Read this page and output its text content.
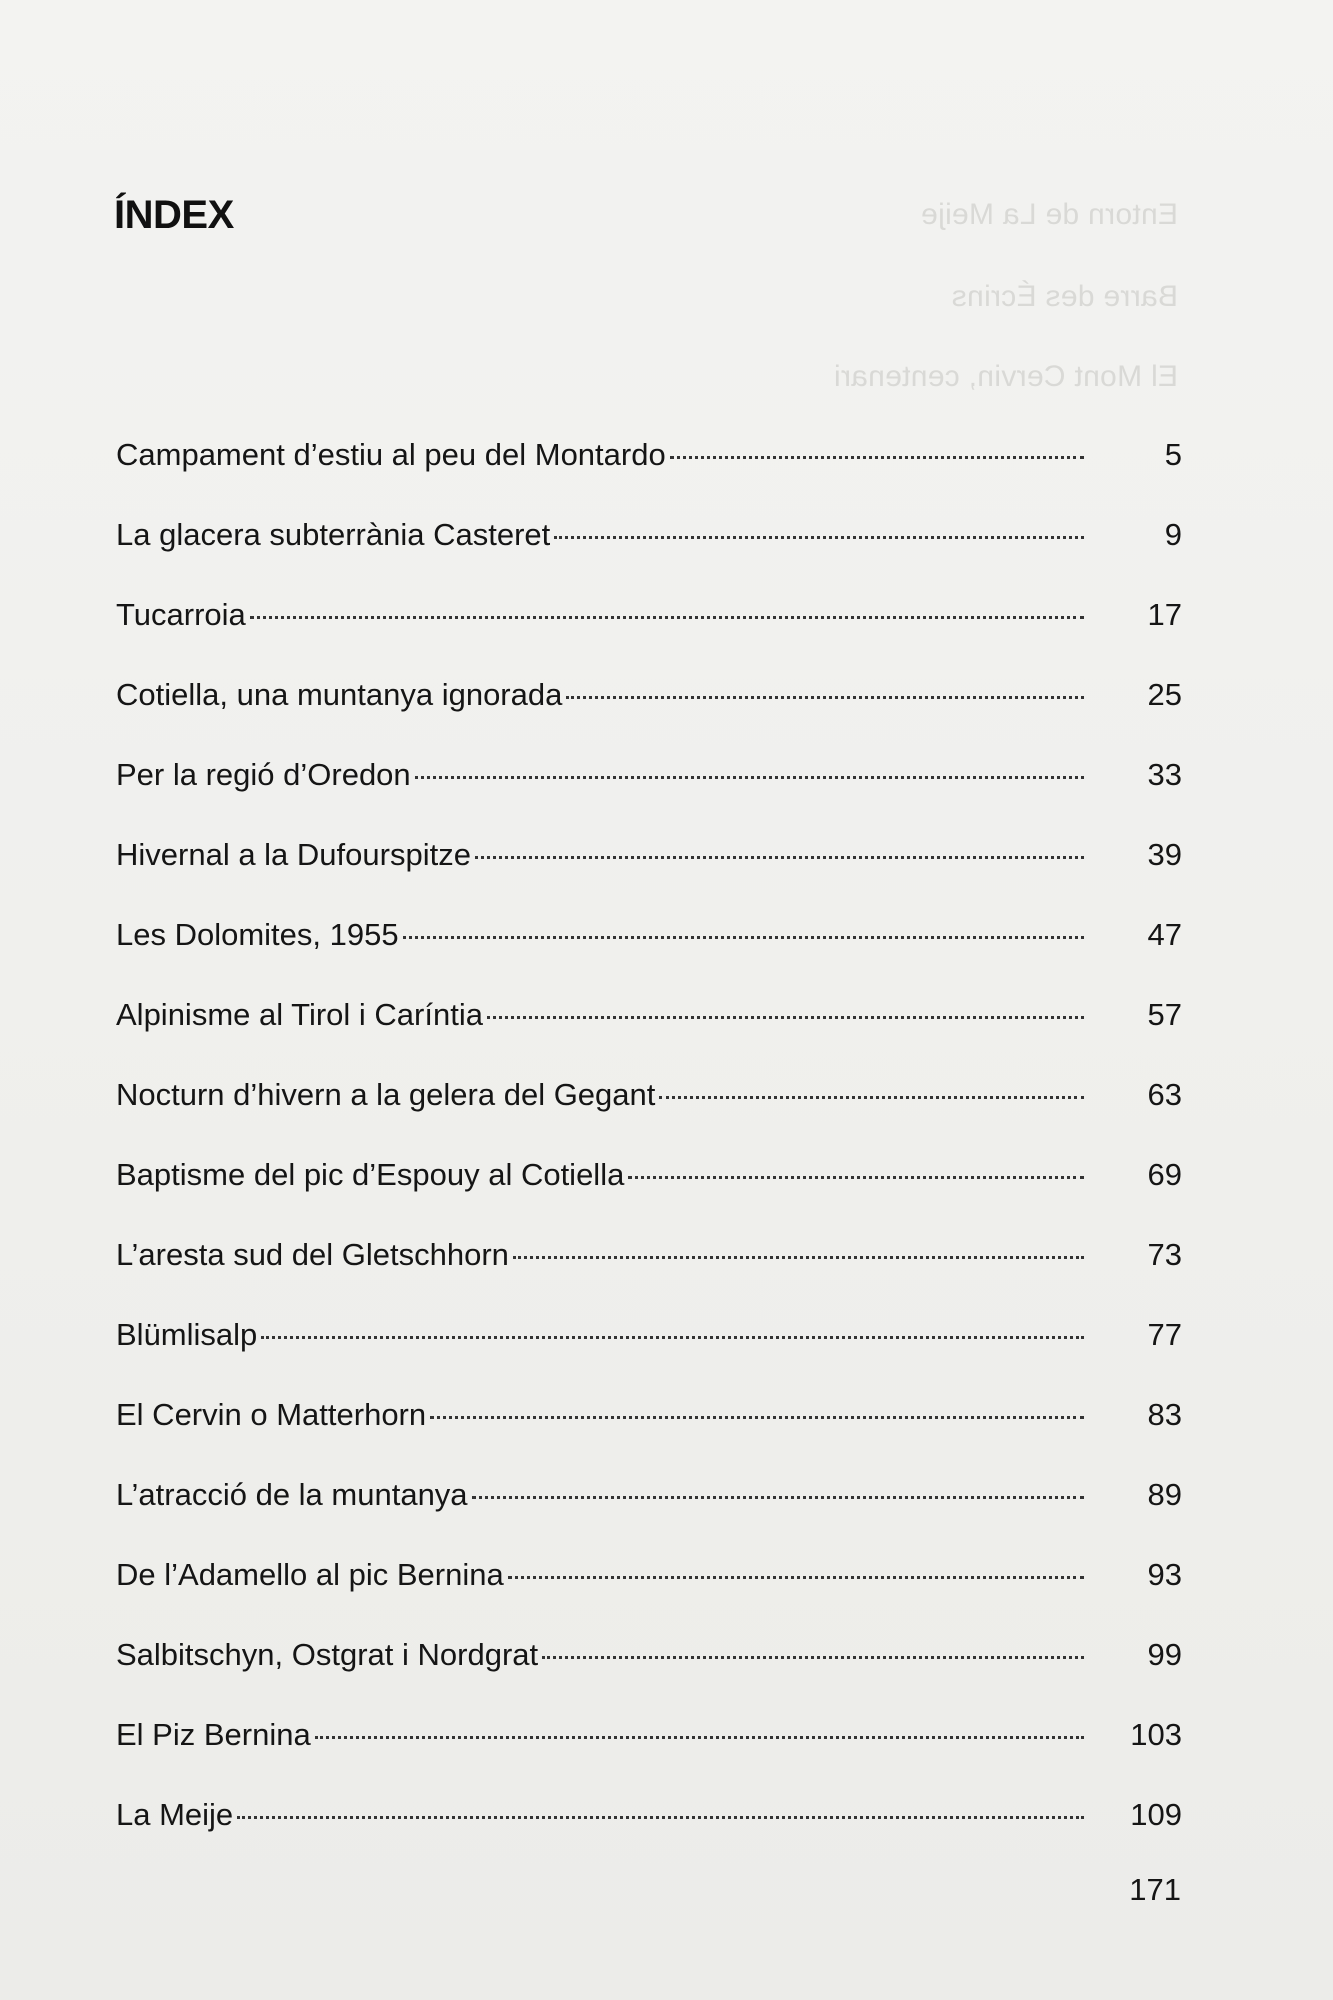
Entorn de La Meije
Barre des Écrins
El Mont Cervin, centenari
ÍNDEX
Campament d’estiu al peu del Montardo	5
La glacera subterrània Casteret	9
Tucarroia	17
Cotiella, una muntanya ignorada	25
Per la regió d’Oredon	33
Hivernal a la Dufourspitze	39
Les Dolomites, 1955	47
Alpinisme al Tirol i Caríntia	57
Nocturn d’hivern a la gelera del Gegant	63
Baptisme del pic d’Espouy al Cotiella	69
L’aresta sud del Gletschhorn	73
Blümlisalp	77
El Cervin o Matterhorn	83
L’atracció de la muntanya	89
De l’Adamello al pic Bernina	93
Salbitschyn, Ostgrat i Nordgrat	99
El Piz Bernina	103
La Meije	109
171
